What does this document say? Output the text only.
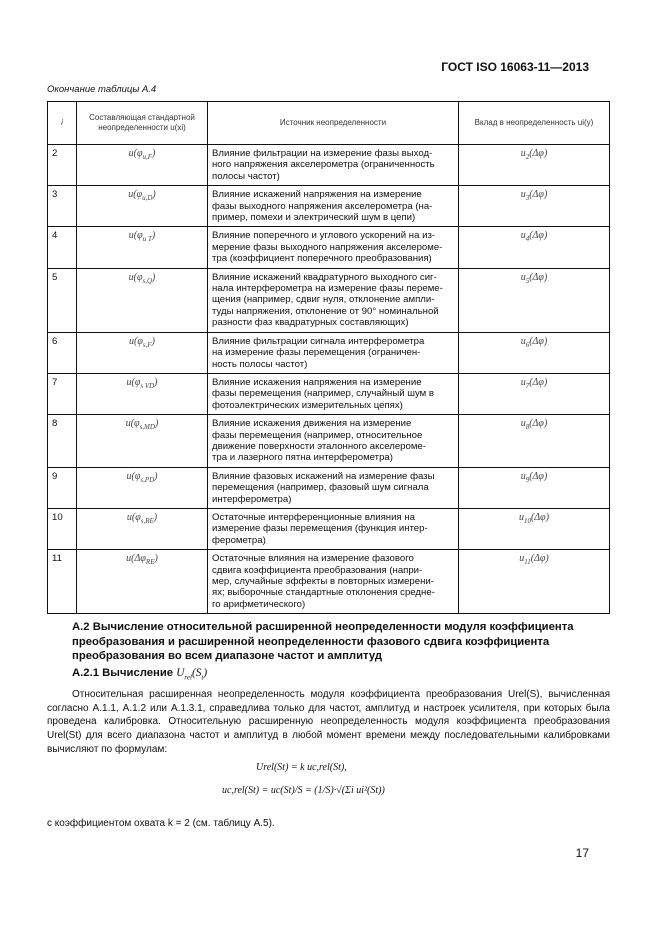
ГОСТ ISO 16063-11—2013
Окончание таблицы А.4
i	Составляющая стандартной неопределенности u(xi)	Источник неопределенности	Вклад в неопределенность ui(y)
2	$u(\varphi_{u,F})$	Влияние фильтрации на измерение фазы выход-
ного напряжения акселерометра (ограниченность
полосы частот)	$u_2(\Delta\varphi)$
3	$u(\varphi_{u,D})$	Влияние искажений напряжения на измерение
фазы выходного напряжения акселерометра (на-
пример, помехи и электрический шум в цепи)	$u_3(\Delta\varphi)$
4	$u(\varphi_{u T})$	Влияние поперечного и углового ускорений на из-
мерение фазы выходного напряжения акселероме-
тра (коэффициент поперечного преобразования)	$u_4(\Delta\varphi)$
5	$u(\varphi_{s,Q})$	Влияние искажений квадратурного выходного сиг-
нала интерферометра на измерение фазы переме-
щения (например, сдвиг нуля, отклонение ампли-
туды напряжения, отклонение от 90° номинальной
разности фаз квадратурных составляющих)	$u_5(\Delta\varphi)$
6	$u(\varphi_{s,F})$	Влияние фильтрации сигнала интерферометра
на измерение фазы перемещения (ограничен-
ность полосы частот)	$u_6(\Delta\varphi)$
7	$u(\varphi_{s VD})$	Влияние искажения напряжения на измерение
фазы перемещения (например, случайный шум в
фотоэлектрических измерительных цепях)	$u_7(\Delta\varphi)$
8	$u(\varphi_{s,MD})$	Влияние искажения движения на измерение
фазы перемещения (например, относительное
движение поверхности эталонного акселероме-
тра и лазерного пятна интерферометра)	$u_8(\Delta\varphi)$
9	$u(\varphi_{s,PD})$	Влияние фазовых искажений на измерение фазы
перемещения (например, фазовый шум сигнала
интерферометра)	$u_9(\Delta\varphi)$
10	$u(\varphi_{s,RE})$	Остаточные интерференционные влияния на
измерение фазы перемещения (функция интер-
ферометра)	$u_{10}(\Delta\varphi)$
11	$u(\Delta\varphi_{RE})$	Остаточные влияния на измерение фазового
сдвига коэффициента преобразования (напри-
мер, случайные эффекты в повторных измерени-
ях; выборочные стандартные отклонения средне-
го арифметического)	$u_{11}(\Delta\varphi)$
А.2 Вычисление относительной расширенной неопределенности модуля коэффициента преобразования и расширенной неопределенности фазового сдвига коэффициента преобразования во всем диапазоне частот и амплитуд
А.2.1 Вычисление $U_{rel}(S_t)$
Относительная расширенная неопределенность модуля коэффициента преобразования Urel(S), вычисленная согласно А.1.1, А.1.2 или А.1.3.1, справедлива только для частот, амплитуд и настроек усилителя, при которых была проведена калибровка. Относительную расширенную неопределенность модуля коэффициента преобразования Urel(St) для всего диапазона частот и амплитуд в любой момент времени между последовательными калибровками вычисляют по формулам:
Urel(St) = k uc,rel(St),
uc,rel(St) = uc(St)/S = (1/S)·√(Σi ui²(St))
с коэффициентом охвата k = 2 (см. таблицу А.5).
17
